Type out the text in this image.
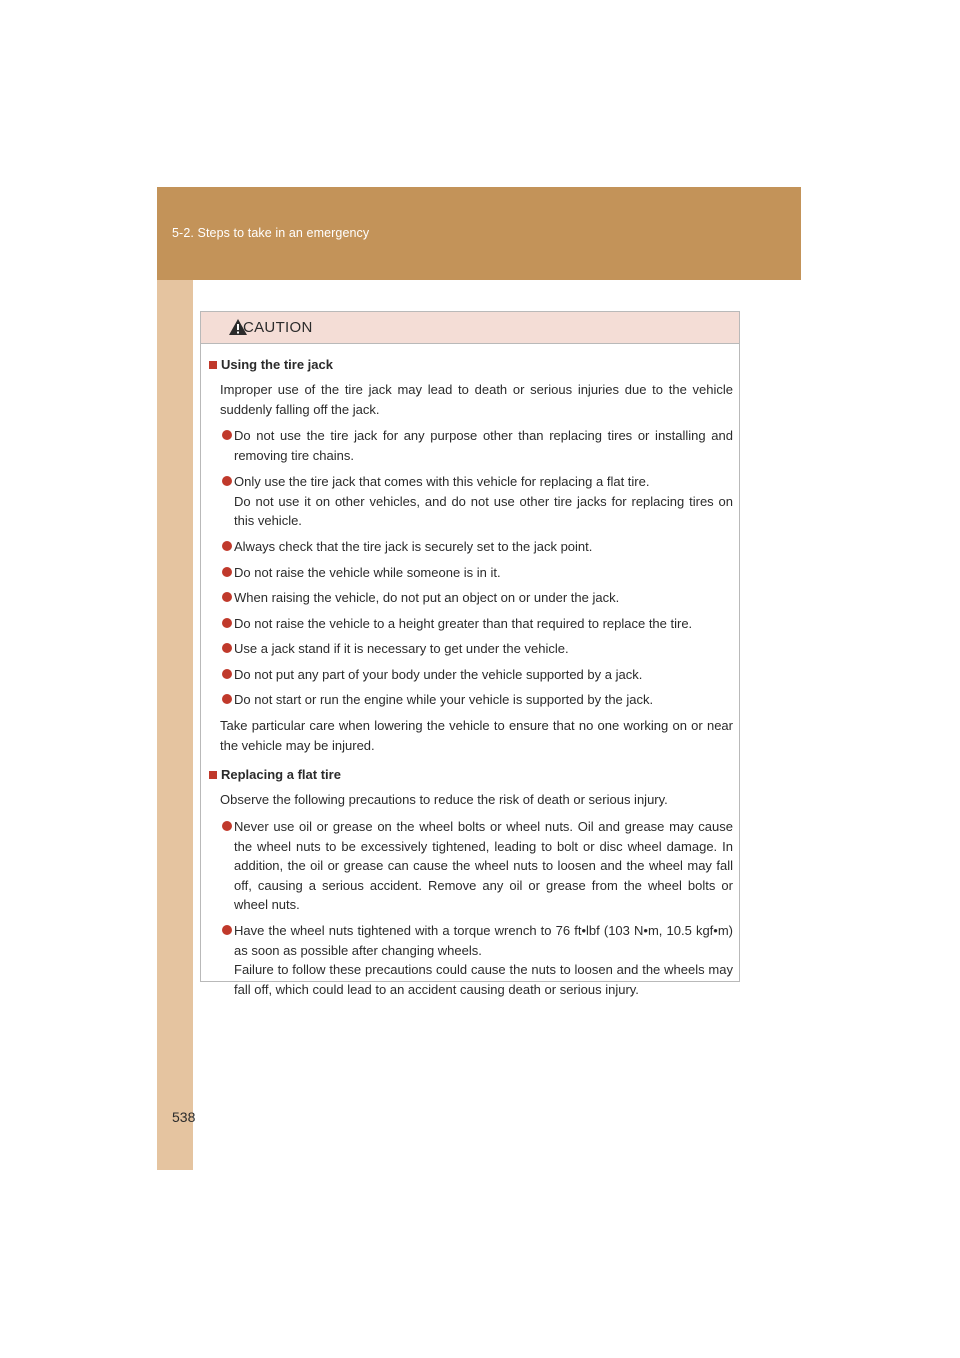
5-2. Steps to take in an emergency
538
CAUTION
Using the tire jack
Improper use of the tire jack may lead to death or serious injuries due to the vehicle suddenly falling off the jack.
Do not use the tire jack for any purpose other than replacing tires or installing and removing tire chains.
Only use the tire jack that comes with this vehicle for replacing a flat tire.
Do not use it on other vehicles, and do not use other tire jacks for replacing tires on this vehicle.
Always check that the tire jack is securely set to the jack point.
Do not raise the vehicle while someone is in it.
When raising the vehicle, do not put an object on or under the jack.
Do not raise the vehicle to a height greater than that required to replace the tire.
Use a jack stand if it is necessary to get under the vehicle.
Do not put any part of your body under the vehicle supported by a jack.
Do not start or run the engine while your vehicle is supported by the jack.
Take particular care when lowering the vehicle to ensure that no one working on or near the vehicle may be injured.
Replacing a flat tire
Observe the following precautions to reduce the risk of death or serious injury.
Never use oil or grease on the wheel bolts or wheel nuts. Oil and grease may cause the wheel nuts to be excessively tightened, leading to bolt or disc wheel damage. In addition, the oil or grease can cause the wheel nuts to loosen and the wheel may fall off, causing a serious accident. Remove any oil or grease from the wheel bolts or wheel nuts.
Have the wheel nuts tightened with a torque wrench to 76 ft•lbf (103 N•m, 10.5 kgf•m) as soon as possible after changing wheels.
Failure to follow these precautions could cause the nuts to loosen and the wheels may fall off, which could lead to an accident causing death or serious injury.
